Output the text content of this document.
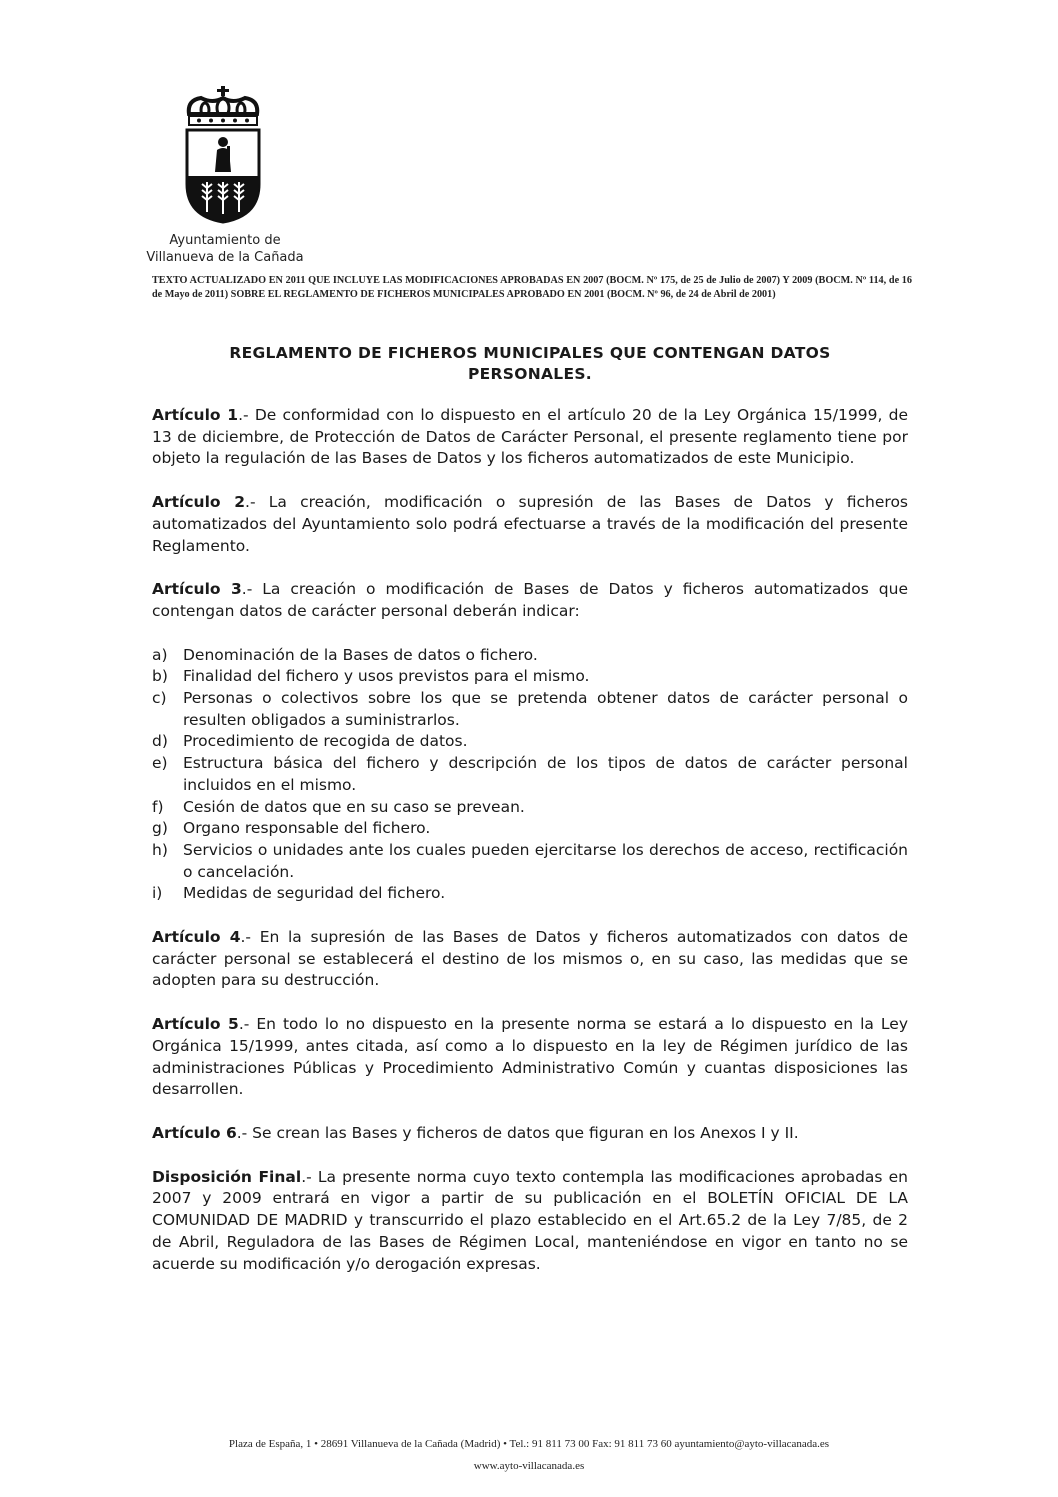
Ayuntamiento de
Villanueva de la Cañada
TEXTO ACTUALIZADO EN 2011 QUE INCLUYE LAS MODIFICACIONES APROBADAS EN 2007 (BOCM. Nº 175, de 25 de Julio de 2007) Y 2009 (BOCM. Nº 114, de 16 de Mayo de 2011) SOBRE EL REGLAMENTO DE FICHEROS MUNICIPALES APROBADO EN 2001 (BOCM. Nº 96, de 24 de Abril de 2001)
REGLAMENTO DE FICHEROS MUNICIPALES QUE CONTENGAN DATOS
PERSONALES.

Artículo 1.- De conformidad con lo dispuesto en el artículo 20 de la Ley Orgánica 15/1999, de 13 de diciembre, de Protección de Datos de Carácter Personal, el presente reglamento tiene por objeto la regulación de las Bases de Datos y los ficheros automatizados de este Municipio.

Artículo 2.- La creación, modificación o supresión de las Bases de Datos y ficheros automatizados del Ayuntamiento solo podrá efectuarse a través de la modificación del presente Reglamento.

Artículo 3.- La creación o modificación de Bases de Datos y ficheros automatizados que contengan datos de carácter personal deberán indicar:

a) Denominación de la Bases de datos o fichero.
b) Finalidad del fichero y usos previstos para el mismo.
c)	Personas o colectivos sobre los que se pretenda obtener datos de carácter personal o resulten obligados a suministrarlos.
d) Procedimiento de recogida de datos.
e) Estructura básica del fichero y descripción de los tipos de datos de carácter personal incluidos en el mismo.
f)	Cesión de datos que en su caso se prevean.
g) Organo responsable del fichero.
h) Servicios o unidades ante los cuales pueden ejercitarse los derechos de acceso, rectificación o cancelación.
i)	Medidas de seguridad del fichero.

Artículo 4.- En la supresión de las Bases de Datos y ficheros automatizados con datos de carácter personal se establecerá el destino de los mismos o, en su caso, las medidas que se adopten para su destrucción.

Artículo 5.- En todo lo no dispuesto en la presente norma se estará a lo dispuesto en la Ley Orgánica 15/1999, antes citada, así como a lo dispuesto en la ley de Régimen jurídico de las administraciones Públicas y Procedimiento Administrativo Común y cuantas disposiciones las desarrollen.

Artículo 6.- Se crean las Bases y ficheros de datos que figuran en los Anexos I y II.

Disposición Final.- La presente norma cuyo texto contempla las modificaciones aprobadas en 2007 y 2009 entrará en vigor a partir de su publicación en el BOLETÍN OFICIAL DE LA COMUNIDAD DE MADRID y transcurrido el plazo establecido en el Art.65.2 de la Ley 7/85, de 2 de Abril, Reguladora de las Bases de Régimen Local, manteniéndose en vigor en tanto no se acuerde su modificación y/o derogación expresas.

Plaza de España, 1 • 28691 Villanueva de la Cañada (Madrid) • Tel.: 91 811 73 00 Fax: 91 811 73 60 ayuntamiento@ayto-villacanada.es
www.ayto-villacanada.es
